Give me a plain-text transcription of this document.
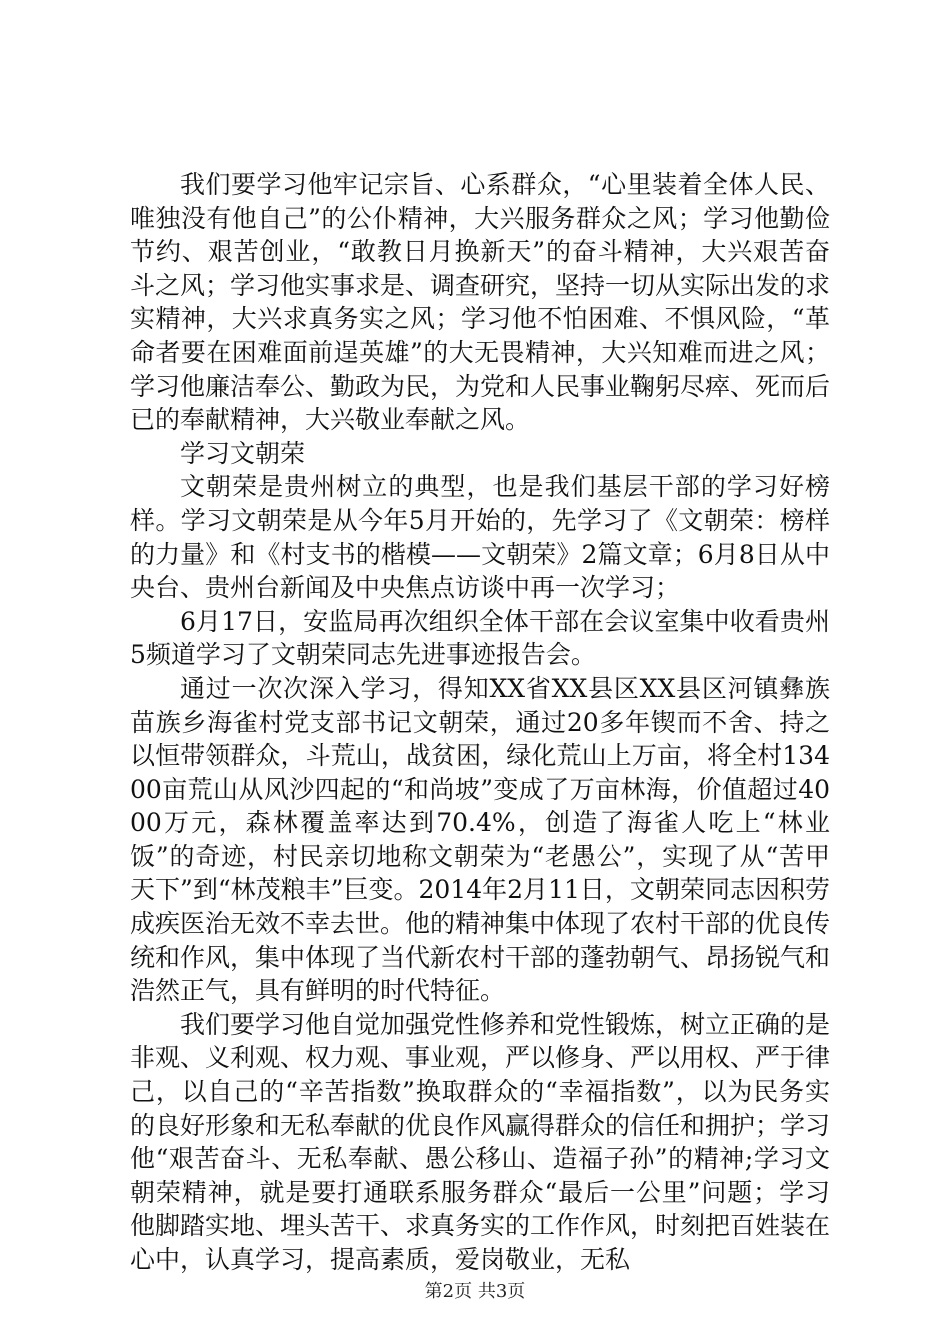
我们要学习他牢记宗旨、心系群众，“心里装着全体人民、唯独没有他自己”的公仆精神，大兴服务群众之风；学习他勤俭节约、艰苦创业，“敢教日月换新天”的奋斗精神，大兴艰苦奋斗之风；学习他实事求是、调查研究，坚持一切从实际出发的求实精神，大兴求真务实之风；学习他不怕困难、不惧风险，“革命者要在困难面前逞英雄”的大无畏精神，大兴知难而进之风；学习他廉洁奉公、勤政为民，为党和人民事业鞠躬尽瘁、死而后已的奉献精神，大兴敬业奉献之风。

学习文朝荣

文朝荣是贵州树立的典型，也是我们基层干部的学习好榜样。学习文朝荣是从今年5月开始的，先学习了《文朝荣：榜样的力量》和《村支书的楷模——文朝荣》2篇文章；6月8日从中央台、贵州台新闻及中央焦点访谈中再一次学习；

6月17日，安监局再次组织全体干部在会议室集中收看贵州5频道学习了文朝荣同志先进事迹报告会。

通过一次次深入学习，得知XX省XX县区XX县区河镇彝族苗族乡海雀村党支部书记文朝荣，通过20多年锲而不舍、持之以恒带领群众，斗荒山，战贫困，绿化荒山上万亩，将全村13400亩荒山从风沙四起的“和尚坡”变成了万亩林海，价值超过4000万元，森林覆盖率达到70.4%，创造了海雀人吃上“林业饭”的奇迹，村民亲切地称文朝荣为“老愚公”，实现了从“苦甲天下”到“林茂粮丰”巨变。2014年2月11日，文朝荣同志因积劳成疾医治无效不幸去世。他的精神集中体现了农村干部的优良传统和作风，集中体现了当代新农村干部的蓬勃朝气、昂扬锐气和浩然正气，具有鲜明的时代特征。

我们要学习他自觉加强党性修养和党性锻炼，树立正确的是非观、义利观、权力观、事业观，严以修身、严以用权、严于律己，以自己的“辛苦指数”换取群众的“幸福指数”，以为民务实的良好形象和无私奉献的优良作风赢得群众的信任和拥护；学习他“艰苦奋斗、无私奉献、愚公移山、造福子孙”的精神;学习文朝荣精神，就是要打通联系服务群众“最后一公里”问题；学习他脚踏实地、埋头苦干、求真务实的工作作风，时刻把百姓装在心中，认真学习，提高素质，爱岗敬业，无私

第2页 共3页
